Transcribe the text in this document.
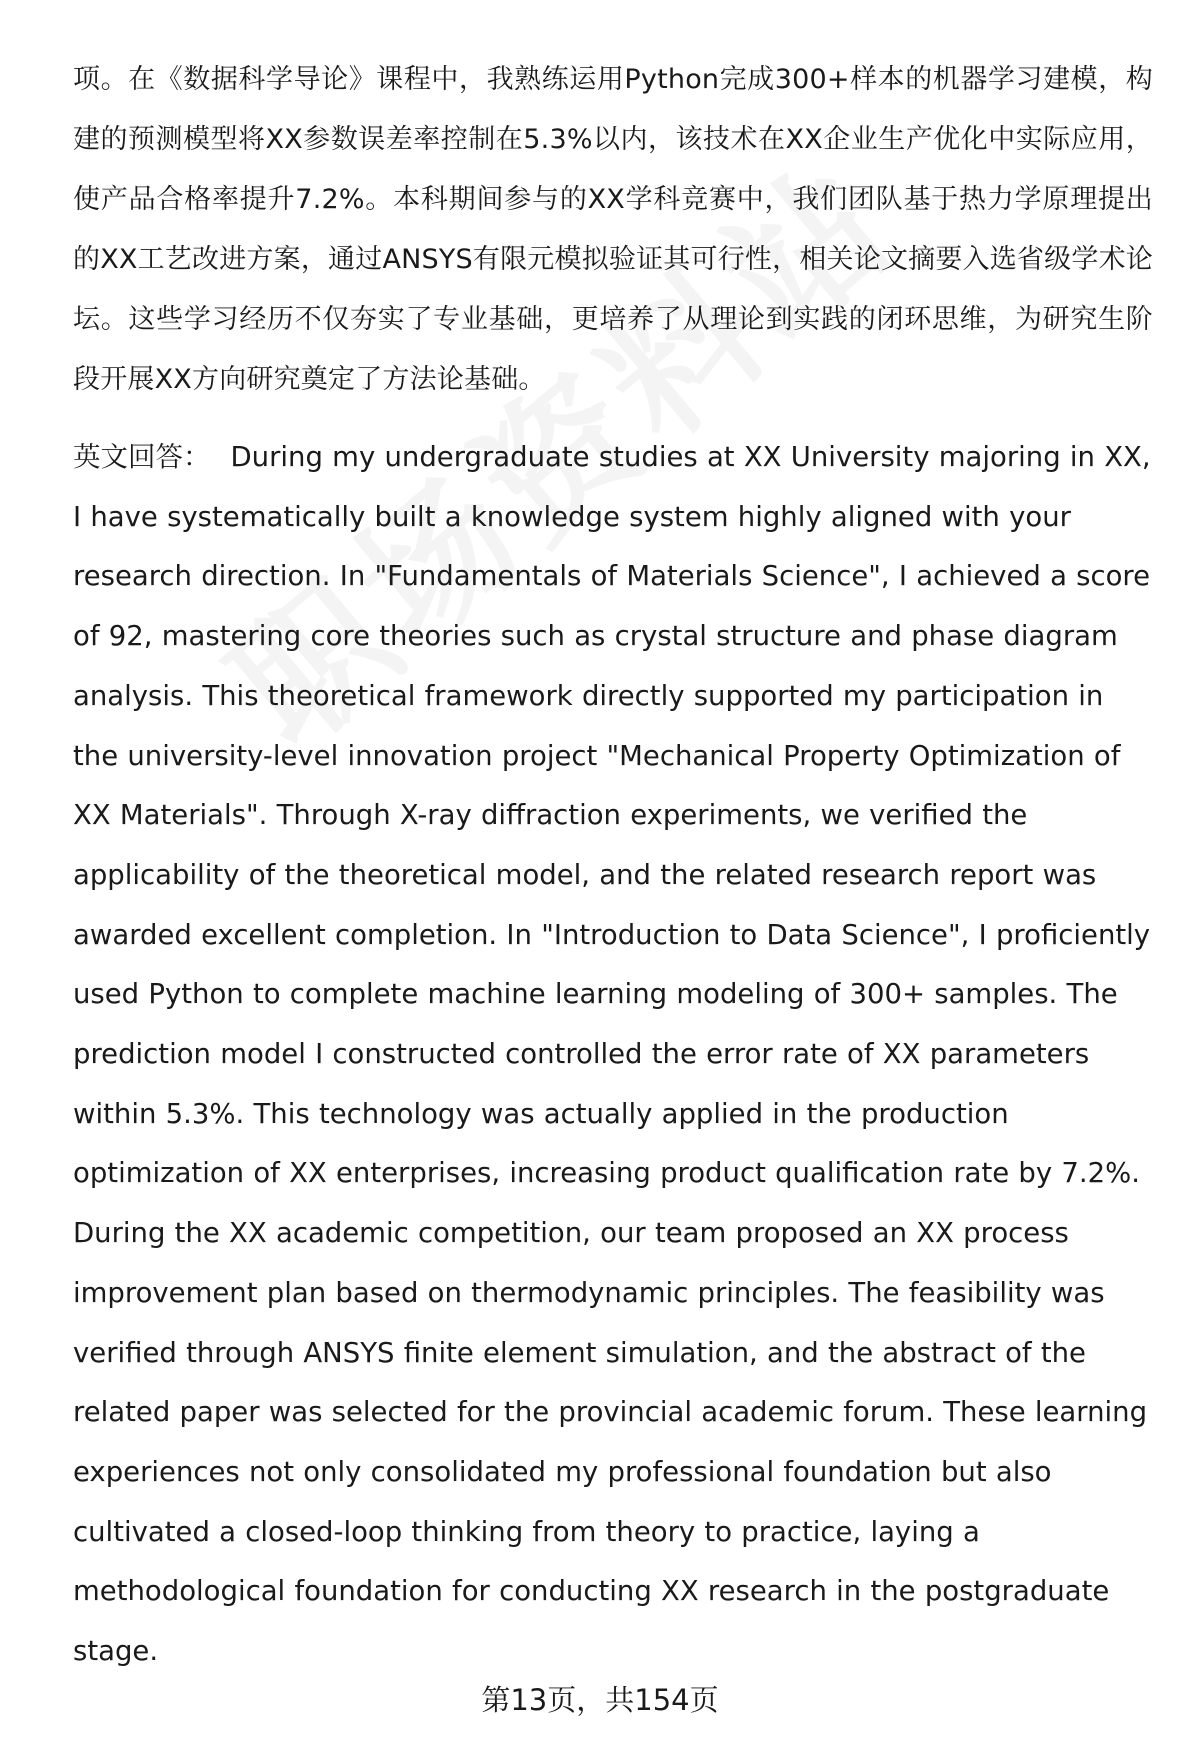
项。在《数据科学导论》课程中，我熟练运用Python完成300+样本的机器学习建模，构建的预测模型将XX参数误差率控制在5.3%以内，该技术在XX企业生产优化中实际应用，使产品合格率提升7.2%。本科期间参与的XX学科竞赛中，我们团队基于热力学原理提出的XX工艺改进方案，通过ANSYS有限元模拟验证其可行性，相关论文摘要入选省级学术论坛。这些学习经历不仅夯实了专业基础，更培养了从理论到实践的闭环思维，为研究生阶段开展XX方向研究奠定了方法论基础。

英文回答： During my undergraduate studies at XX University majoring in XX, I have systematically built a knowledge system highly aligned with your research direction. In "Fundamentals of Materials Science", I achieved a score of 92, mastering core theories such as crystal structure and phase diagram analysis. This theoretical framework directly supported my participation in the university-level innovation project "Mechanical Property Optimization of XX Materials". Through X-ray diffraction experiments, we verified the applicability of the theoretical model, and the related research report was awarded excellent completion. In "Introduction to Data Science", I proficiently used Python to complete machine learning modeling of 300+ samples. The prediction model I constructed controlled the error rate of XX parameters within 5.3%. This technology was actually applied in the production optimization of XX enterprises, increasing product qualification rate by 7.2%. During the XX academic competition, our team proposed an XX process improvement plan based on thermodynamic principles. The feasibility was verified through ANSYS finite element simulation, and the abstract of the related paper was selected for the provincial academic forum. These learning experiences not only consolidated my professional foundation but also cultivated a closed-loop thinking from theory to practice, laying a methodological foundation for conducting XX research in the postgraduate stage.

第13页，共154页
